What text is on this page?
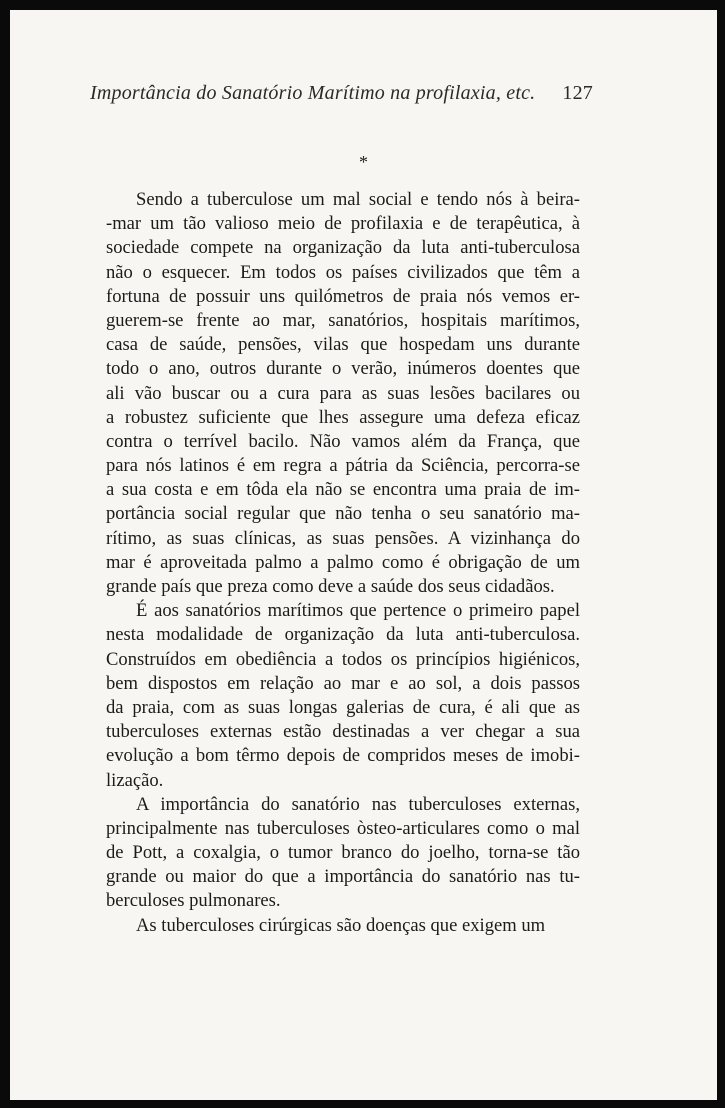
Importância do Sanatório Marítimo na profilaxia, etc. 127
*
Sendo a tuberculose um mal social e tendo nós à beira-
-mar um tão valioso meio de profilaxia e de terapêutica, à
sociedade compete na organização da luta anti-tuberculosa
não o esquecer. Em todos os países civilizados que têm a
fortuna de possuir uns quilómetros de praia nós vemos er-
guerem-se frente ao mar, sanatórios, hospitais marítimos,
casa de saúde, pensões, vilas que hospedam uns durante
todo o ano, outros durante o verão, inúmeros doentes que
ali vão buscar ou a cura para as suas lesões bacilares ou
a robustez suficiente que lhes assegure uma defeza eficaz
contra o terrível bacilo. Não vamos além da França, que
para nós latinos é em regra a pátria da Sciência, percorra-se
a sua costa e em tôda ela não se encontra uma praia de im-
portância social regular que não tenha o seu sanatório ma-
rítimo, as suas clínicas, as suas pensões. A vizinhança do
mar é aproveitada palmo a palmo como é obrigação de um
grande país que preza como deve a saúde dos seus cidadãos.
É aos sanatórios marítimos que pertence o primeiro papel
nesta modalidade de organização da luta anti-tuberculosa.
Construídos em obediência a todos os princípios higiénicos,
bem dispostos em relação ao mar e ao sol, a dois passos
da praia, com as suas longas galerias de cura, é ali que as
tuberculoses externas estão destinadas a ver chegar a sua
evolução a bom têrmo depois de compridos meses de imobi-
lização.
A importância do sanatório nas tuberculoses externas,
principalmente nas tuberculoses òsteo-articulares como o mal
de Pott, a coxalgia, o tumor branco do joelho, torna-se tão
grande ou maior do que a importância do sanatório nas tu-
berculoses pulmonares.
As tuberculoses cirúrgicas são doenças que exigem um
